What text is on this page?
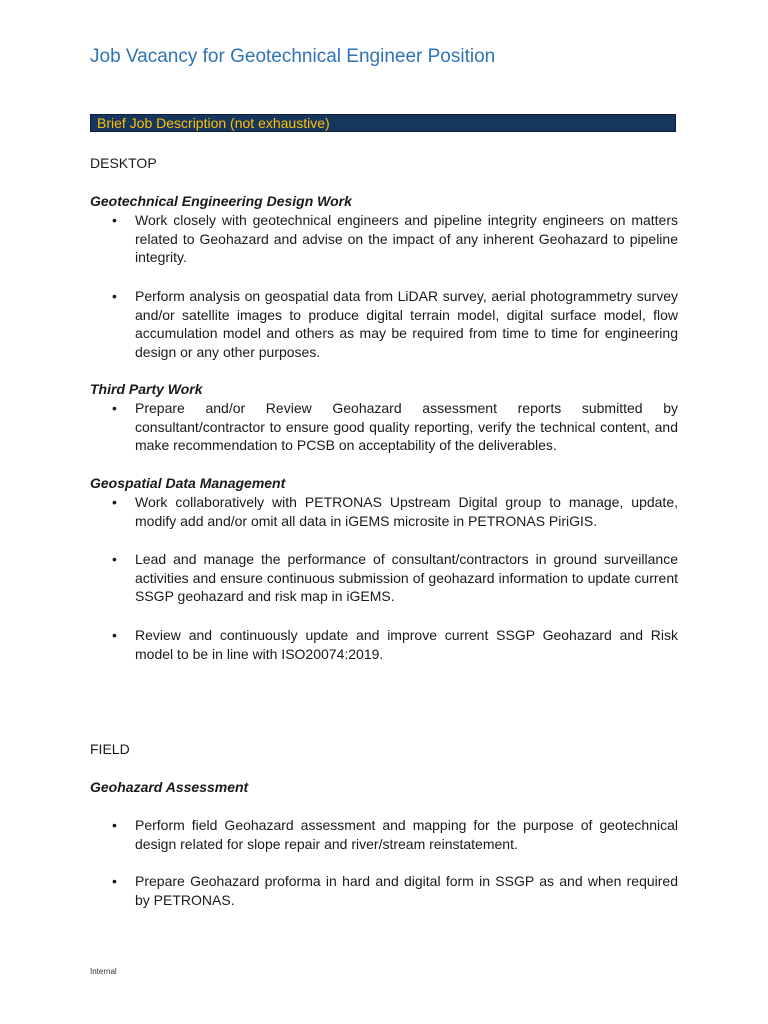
Job Vacancy for Geotechnical Engineer Position
Brief Job Description (not exhaustive)
DESKTOP
Geotechnical Engineering Design Work
•	Work closely with geotechnical engineers and pipeline integrity engineers on matters related to Geohazard and advise on the impact of any inherent Geohazard to pipeline integrity.
•	Perform analysis on geospatial data from LiDAR survey, aerial photogrammetry survey and/or satellite images to produce digital terrain model, digital surface model, flow accumulation model and others as may be required from time to time for engineering design or any other purposes.
Third Party Work
•	Prepare and/or Review Geohazard assessment reports submitted by consultant/contractor to ensure good quality reporting, verify the technical content, and make recommendation to PCSB on acceptability of the deliverables.
Geospatial Data Management
•	Work collaboratively with PETRONAS Upstream Digital group to manage, update, modify add and/or omit all data in iGEMS microsite in PETRONAS PiriGIS.
•	Lead and manage the performance of consultant/contractors in ground surveillance activities and ensure continuous submission of geohazard information to update current SSGP geohazard and risk map in iGEMS.
•	Review and continuously update and improve current SSGP Geohazard and Risk model to be in line with ISO20074:2019.
FIELD
Geohazard Assessment
•	Perform field Geohazard assessment and mapping for the purpose of geotechnical design related for slope repair and river/stream reinstatement.
•	Prepare Geohazard proforma in hard and digital form in SSGP as and when required by PETRONAS.
Internal
